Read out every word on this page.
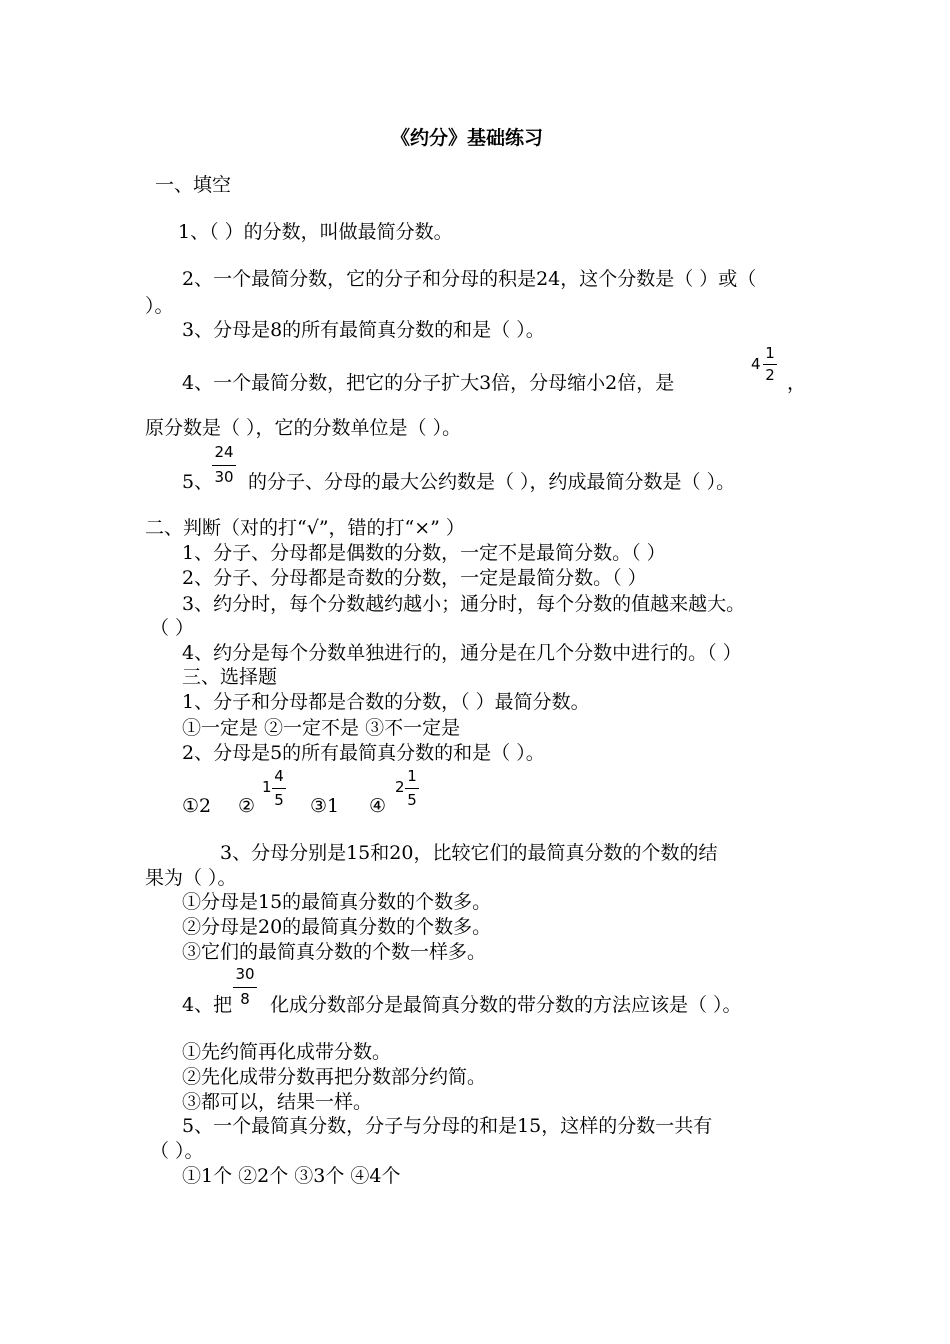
《约分》基础练习
一、填空
1、（ ）的分数，叫做最简分数。
2、一个最简分数，它的分子和分母的积是24，这个分数是（ ）或（
）。
3、分母是8的所有最简真分数的和是（ ）。
4、一个最简分数，把它的分子扩大3倍，分母缩小2倍，是
4
1
2 ，
原分数是（ ），它的分数单位是（ ）。
5、
24
30 的分子、分母的最大公约数是（ ），约成最简分数是（ ）。
二、判断（对的打“√”，错的打“×” ）
1、分子、分母都是偶数的分数，一定不是最简分数。（ ）
2、分子、分母都是奇数的分数，一定是最简分数。（ ）
3、约分时，每个分数越约越小；通分时，每个分数的值越来越大。
（ ）
4、约分是每个分数单独进行的，通分是在几个分数中进行的。（ ）
三、选择题
1、分子和分母都是合数的分数，（ ）最简分数。
①一定是 ②一定不是 ③不一定是
2、分母是5的所有最简真分数的和是（ ）。
①2 ②
1
4
5 ③1 ④
2
1
5
3、分母分别是15和20，比较它们的最简真分数的个数的结
果为（ ）。
①分母是15的最简真分数的个数多。
②分母是20的最简真分数的个数多。
③它们的最简真分数的个数一样多。
4、把
30
8	化成分数部分是最简真分数的带分数的方法应该是（ ）。
①先约简再化成带分数。
②先化成带分数再把分数部分约简。
③都可以，结果一样。
5、一个最简真分数，分子与分母的和是15，这样的分数一共有
（ ）。
①1个 ②2个 ③3个 ④4个
